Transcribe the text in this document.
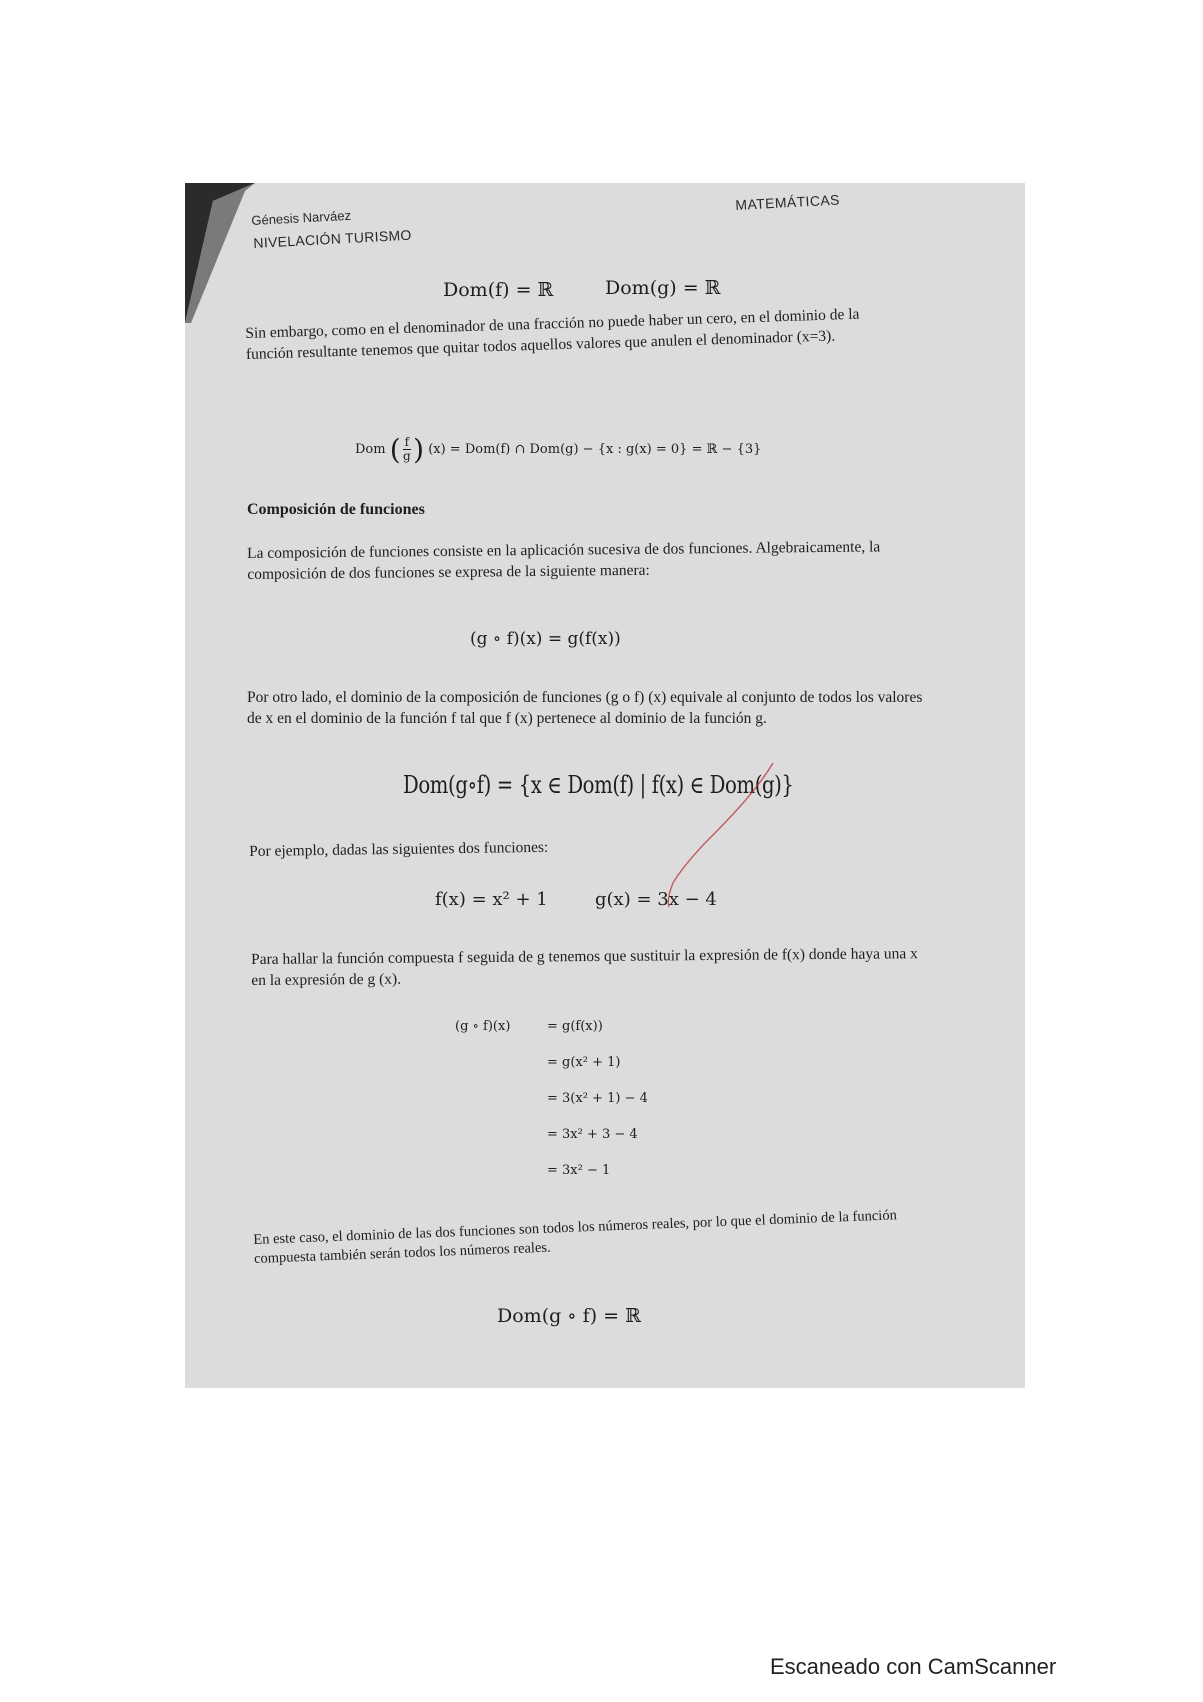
Génesis Narváez
NIVELACIÓN TURISMO
MATEMÁTICAS
Dom(f) = ℝ	Dom(g) = ℝ
Sin embargo, como en el denominador de una fracción no puede haber un cero, en el dominio de la función resultante tenemos que quitar todos aquellos valores que anulen el denominador (x=3).
Dom ( $\frac{f}{g}$ ) (x) = Dom(f) ∩ Dom(g) − {x : g(x) = 0} = ℝ − {3}
Composición de funciones
La composición de funciones consiste en la aplicación sucesiva de dos funciones. Algebraicamente, la composición de dos funciones se expresa de la siguiente manera:
(g ∘ f)(x) = g(f(x))
Por otro lado, el dominio de la composición de funciones (g o f) (x) equivale al conjunto de todos los valores de x en el dominio de la función f tal que f (x) pertenece al dominio de la función g.
Dom(g∘f) = {x ∈ Dom(f) | f(x) ∈ Dom(g)}
Por ejemplo, dadas las siguientes dos funciones:
f(x) = x² + 1	g(x) = 3x − 4
Para hallar la función compuesta f seguida de g tenemos que sustituir la expresión de f(x) donde haya una x en la expresión de g (x).
(g ∘ f)(x)	= g(f(x))
= g(x² + 1)
= 3(x² + 1) − 4
= 3x² + 3 − 4
= 3x² − 1
En este caso, el dominio de las dos funciones son todos los números reales, por lo que el dominio de la función compuesta también serán todos los números reales.
Dom(g ∘ f) = ℝ
Escaneado con CamScanner
